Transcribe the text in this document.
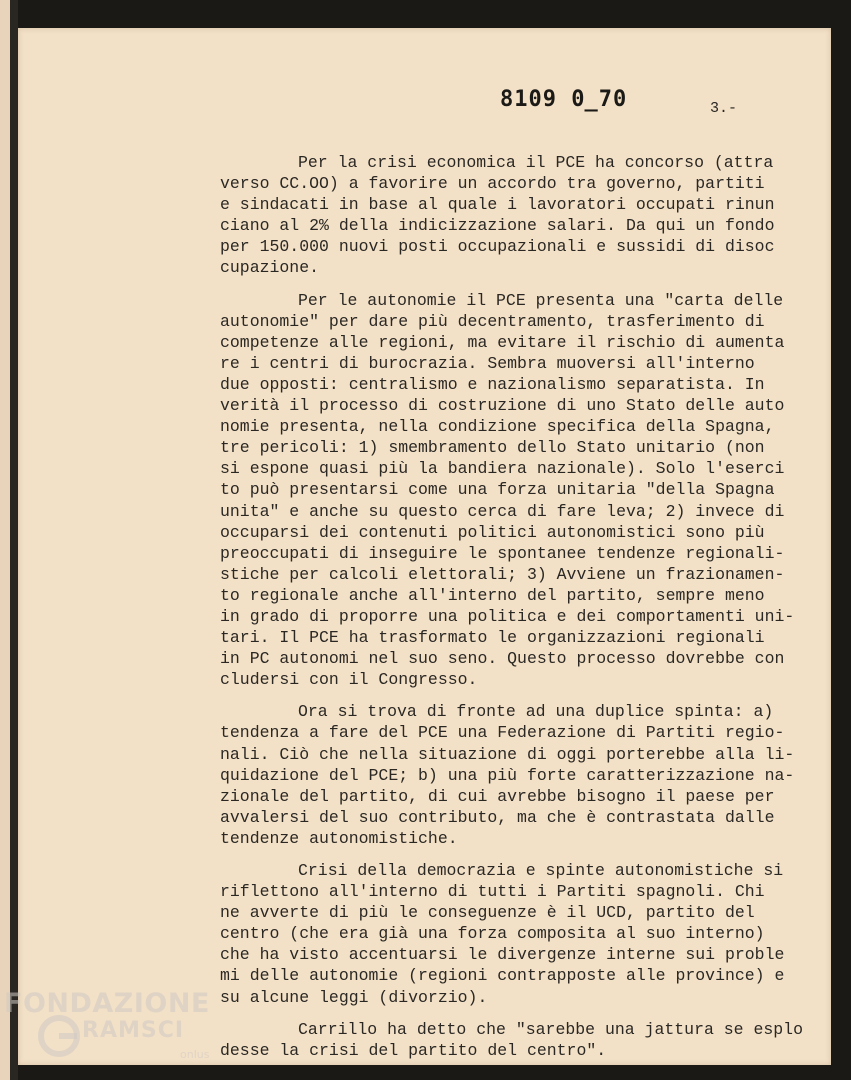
8109 0̲70	3.-
Per la crisi economica il PCE ha concorso (attra
verso CC.OO) a favorire un accordo tra governo, partiti
e sindacati in base al quale i lavoratori occupati rinun
ciano al 2% della indicizzazione salari. Da qui un fondo
per 150.000 nuovi posti occupazionali e sussidi di disoc
cupazione.
Per le autonomie il PCE presenta una "carta delle
autonomie" per dare più decentramento, trasferimento di
competenze alle regioni, ma evitare il rischio di aumenta
re i centri di burocrazia. Sembra muoversi all'interno
due opposti: centralismo e nazionalismo separatista. In
verità il processo di costruzione di uno Stato delle auto
nomie presenta, nella condizione specifica della Spagna,
tre pericoli: 1) smembramento dello Stato unitario (non
si espone quasi più la bandiera nazionale). Solo l'eserci
to può presentarsi come una forza unitaria "della Spagna
unita" e anche su questo cerca di fare leva; 2) invece di
occuparsi dei contenuti politici autonomistici sono più
preoccupati di inseguire le spontanee tendenze regionali-
stiche per calcoli elettorali; 3) Avviene un frazionamen-
to regionale anche all'interno del partito, sempre meno
in grado di proporre una politica e dei comportamenti uni-
tari. Il PCE ha trasformato le organizzazioni regionali
in PC autonomi nel suo seno. Questo processo dovrebbe con
cludersi con il Congresso.
Ora si trova di fronte ad una duplice spinta: a)
tendenza a fare del PCE una Federazione di Partiti regio-
nali. Ciò che nella situazione di oggi porterebbe alla li-
quidazione del PCE; b) una più forte caratterizzazione na-
zionale del partito, di cui avrebbe bisogno il paese per
avvalersi del suo contributo, ma che è contrastata dalle
tendenze autonomistiche.
Crisi della democrazia e spinte autonomistiche si
riflettono all'interno di tutti i Partiti spagnoli. Chi
ne avverte di più le conseguenze è il UCD, partito del
centro (che era già una forza composita al suo interno)
che ha visto accentuarsi le divergenze interne sui proble
mi delle autonomie (regioni contrapposte alle province) e
su alcune leggi (divorzio).
Carrillo ha detto che "sarebbe una jattura se esplo
desse la crisi del partito del centro".
FONDAZIONE
RAMSCI
onlus
